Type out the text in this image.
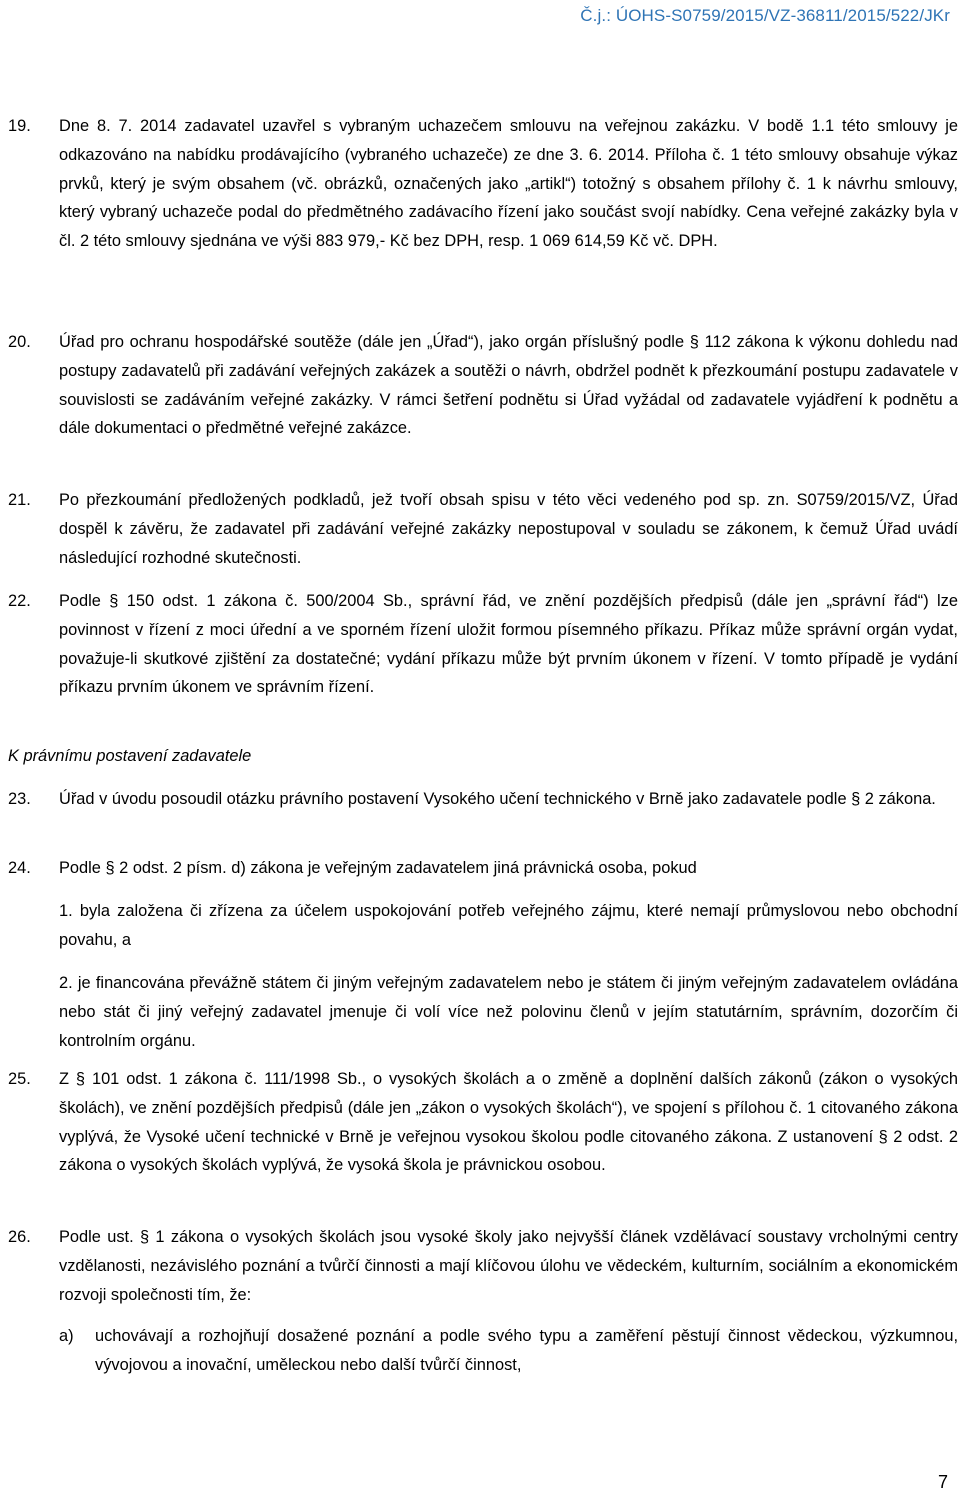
Č.j.: ÚOHS-S0759/2015/VZ-36811/2015/522/JKr
19. Dne 8. 7. 2014 zadavatel uzavřel s vybraným uchazečem smlouvu na veřejnou zakázku. V bodě 1.1 této smlouvy je odkazováno na nabídku prodávajícího (vybraného uchazeče) ze dne 3. 6. 2014. Příloha č. 1 této smlouvy obsahuje výkaz prvků, který je svým obsahem (vč. obrázků, označených jako „artikl“) totožný s obsahem přílohy č. 1 k návrhu smlouvy, který vybraný uchazeče podal do předmětného zadávacího řízení jako součást svojí nabídky. Cena veřejné zakázky byla v čl. 2 této smlouvy sjednána ve výši 883 979,- Kč bez DPH, resp. 1 069 614,59 Kč vč. DPH.
20. Úřad pro ochranu hospodářské soutěže (dále jen „Úřad“), jako orgán příslušný podle § 112 zákona k výkonu dohledu nad postupy zadavatelů při zadávání veřejných zakázek a soutěži o návrh, obdržel podnět k přezkoumání postupu zadavatele v souvislosti se zadáváním veřejné zakázky. V rámci šetření podnětu si Úřad vyžádal od zadavatele vyjádření k podnětu a dále dokumentaci o předmětné veřejné zakázce.
21. Po přezkoumání předložených podkladů, jež tvoří obsah spisu v této věci vedeného pod sp. zn. S0759/2015/VZ, Úřad dospěl k závěru, že zadavatel při zadávání veřejné zakázky nepostupoval v souladu se zákonem, k čemuž Úřad uvádí následující rozhodné skutečnosti.
22. Podle § 150 odst. 1 zákona č. 500/2004 Sb., správní řád, ve znění pozdějších předpisů (dále jen „správní řád“) lze povinnost v řízení z moci úřední a ve sporném řízení uložit formou písemného příkazu. Příkaz může správní orgán vydat, považuje-li skutkové zjištění za dostatečné; vydání příkazu může být prvním úkonem v řízení. V tomto případě je vydání příkazu prvním úkonem ve správním řízení.
K právnímu postavení zadavatele
23. Úřad v úvodu posoudil otázku právního postavení Vysokého učení technického v Brně jako zadavatele podle § 2 zákona.
24. Podle § 2 odst. 2 písm. d) zákona je veřejným zadavatelem jiná právnická osoba, pokud
1. byla založena či zřízena za účelem uspokojování potřeb veřejného zájmu, které nemají průmyslovou nebo obchodní povahu, a
2. je financována převážně státem či jiným veřejným zadavatelem nebo je státem či jiným veřejným zadavatelem ovládána nebo stát či jiný veřejný zadavatel jmenuje či volí více než polovinu členů v jejím statutárním, správním, dozorčím či kontrolním orgánu.
25. Z § 101 odst. 1 zákona č. 111/1998 Sb., o vysokých školách a o změně a doplnění dalších zákonů (zákon o vysokých školách), ve znění pozdějších předpisů (dále jen „zákon o vysokých školách“), ve spojení s přílohou č. 1 citovaného zákona vyplývá, že Vysoké učení technické v Brně je veřejnou vysokou školou podle citovaného zákona. Z ustanovení § 2 odst. 2 zákona o vysokých školách vyplývá, že vysoká škola je právnickou osobou.
26. Podle ust. § 1 zákona o vysokých školách jsou vysoké školy jako nejvyšší článek vzdělávací soustavy vrcholnými centry vzdělanosti, nezávislého poznání a tvůrčí činnosti a mají klíčovou úlohu ve vědeckém, kulturním, sociálním a ekonomickém rozvoji společnosti tím, že:
a) uchovávají a rozhojňují dosažené poznání a podle svého typu a zaměření pěstují činnost vědeckou, výzkumnou, vývojovou a inovační, uměleckou nebo další tvůrčí činnost,
7
